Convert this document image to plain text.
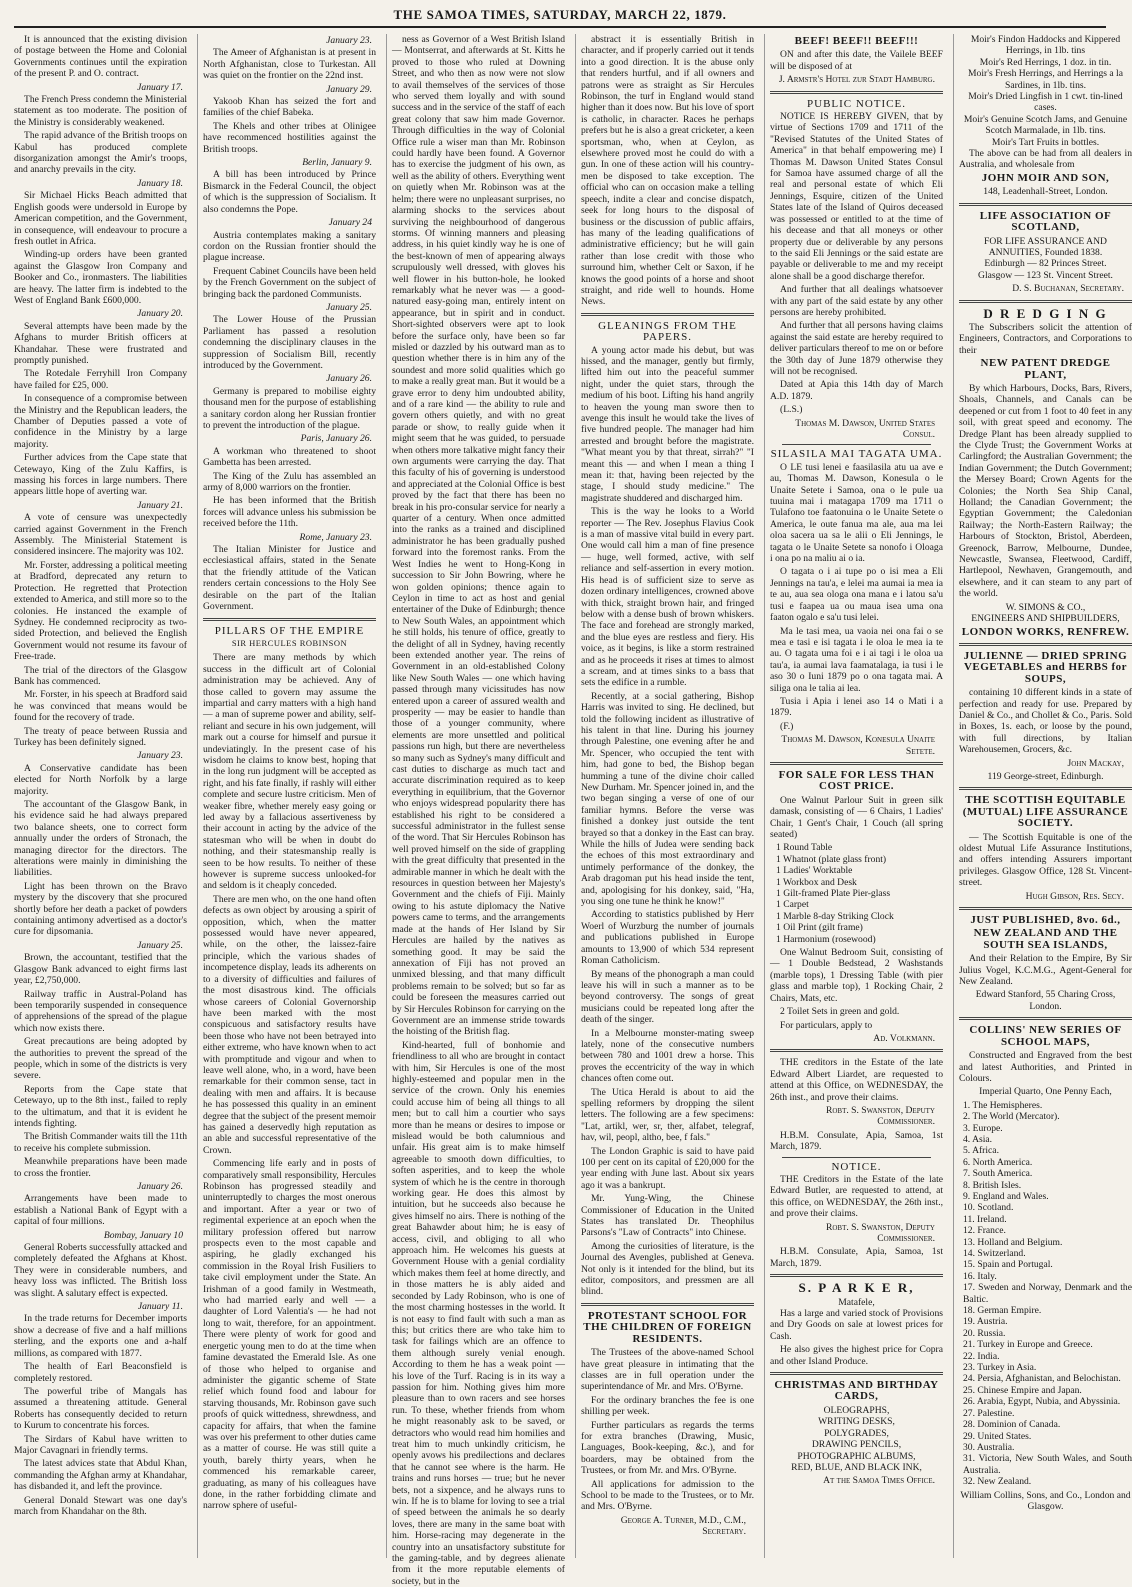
THE SAMOA TIMES, SATURDAY, MARCH 22, 1879.

It is announced that the existing division of postage between the Home and Colonial Governments continues until the expiration of the present P. and O. contract.

January 17.

The French Press condemn the Ministerial statement as too moderate. The position of the Ministry is considerably weakened.

The rapid advance of the British troops on Kabul has produced complete disorganization amongst the Amir's troops, and anarchy prevails in the city.

January 18.

Sir Michael Hicks Beach admitted that English goods were undersold in Europe by American competition, and the Government, in consequence, will endeavour to procure a fresh outlet in Africa.

Winding-up orders have been granted against the Glasgow Iron Company and Booker and Co., ironmasters. The liabilities are heavy. The latter firm is indebted to the West of England Bank £600,000.

January 20.

Several attempts have been made by the Afghans to murder British officers at Khandahar. These were frustrated and promptly punished.

The Rotedale Ferryhill Iron Company have failed for £25, 000.

In consequence of a compromise between the Ministry and the Republican leaders, the Chamber of Deputies passed a vote of confidence in the Ministry by a large majority.

Further advices from the Cape state that Cetewayo, King of the Zulu Kaffirs, is massing his forces in large numbers. There appears little hope of averting war.

January 21.

A vote of censure was unexpectedly carried against Government in the French Assembly. The Ministerial Statement is considered insincere. The majority was 102.

Mr. Forster, addressing a political meeting at Bradford, deprecated any return to Protection. He regretted that Protection extended to America, and still more so to the colonies. He instanced the example of Sydney. He condemned reciprocity as two-sided Protection, and believed the English Government would not resume its favour of Free-trade.

The trial of the directors of the Glasgow Bank has commenced.

Mr. Forster, in his speech at Bradford said he was convinced that means would be found for the recovery of trade.

The treaty of peace between Russia and Turkey has been definitely signed.

January 23.

A Conservative candidate has been elected for North Norfolk by a large majority.

The accountant of the Glasgow Bank, in his evidence said he had always prepared two balance sheets, one to correct form annually under the orders of Stronach, the managing director for the directors. The alterations were mainly in diminishing the liabilities.

Light has been thrown on the Bravo mystery by the discovery that she procured shortly before her death a packet of powders containing antimony advertised as a doctor's cure for dipsomania.

January 25.

Brown, the accountant, testified that the Glasgow Bank advanced to eight firms last year, £2,750,000.

Railway traffic in Austral-Poland has been temporarily suspended in consequence of apprehensions of the spread of the plague which now exists there.

Great precautions are being adopted by the authorities to prevent the spread of the people, which in some of the districts is very severe.

Reports from the Cape state that Cetewayo, up to the 8th inst., failed to reply to the ultimatum, and that it is evident he intends fighting.

The British Commander waits till the 11th to receive his complete submission.

Meanwhile preparations have been made to cross the frontier.

January 26.

Arrangements have been made to establish a National Bank of Egypt with a capital of four millions.

Bombay, January 10

General Roberts successfully attacked and completely defeated the Afghans at Khost. They were in considerable numbers, and heavy loss was inflicted. The British loss was slight. A salutary effect is expected.

January 11.

In the trade returns for December imports show a decrease of five and a half millions sterling, and the exports one and a-half millions, as compared with 1877.

The health of Earl Beaconsfield is completely restored.

The powerful tribe of Mangals has assumed a threatening attitude. General Roberts has consequently decided to return to Kurum to concentrate his forces.

The Sirdars of Kabul have written to Major Cavagnari in friendly terms.

The latest advices state that Abdul Khan, commanding the Afghan army at Khandahar, has disbanded it, and left the province.

General Donald Stewart was one day's march from Khandahar on the 8th.

January 23.

The Ameer of Afghanistan is at present in North Afghanistan, close to Turkestan. All was quiet on the frontier on the 22nd inst.

January 29.

Yakoob Khan has seized the fort and families of the chief Babeka.

The Khels and other tribes at Olinigee have recommenced hostilities against the British troops.

Berlin, January 9.

A bill has been introduced by Prince Bismarck in the Federal Council, the object of which is the suppression of Socialism. It also condemns the Pope.

January 24

Austria contemplates making a sanitary cordon on the Russian frontier should the plague increase.

Frequent Cabinet Councils have been held by the French Government on the subject of bringing back the pardoned Communists.

January 25.

The Lower House of the Prussian Parliament has passed a resolution condemning the disciplinary clauses in the suppression of Socialism Bill, recently introduced by the Government.

January 26.

Germany is prepared to mobilise eighty thousand men for the purpose of establishing a sanitary cordon along her Russian frontier to prevent the introduction of the plague.

Paris, January 26.

A workman who threatened to shoot Gambetta has been arrested.

The King of the Zulu has assembled an army of 8,000 warriors on the frontier.

He has been informed that the British forces will advance unless his submission be received before the 11th.

Rome, January 23.

The Italian Minister for Justice and ecclesiastical affairs, stated in the Senate that the friendly attitude of the Vatican renders certain concessions to the Holy See desirable on the part of the Italian Government.

PILLARS OF THE EMPIRE
SIR HERCULES ROBINSON

There are many methods by which success in the difficult art of Colonial administration may be achieved. Any of those called to govern may assume the impartial and carry matters with a high hand — a man of supreme power and ability, self-reliant and secure in his own judgement, will mark out a course for himself and pursue it undeviatingly. In the present case of his wisdom he claims to know best, hoping that in the long run judgment will be accepted as right, and his fate finally, if rashly will either complete and secure lustre criticism. Men of weaker fibre, whether merely easy going or led away by a fallacious assertiveness by their account in acting by the advice of the statesman who will be when in doubt do nothing, and their statesmanship really is seen to be how results. To neither of these however is supreme success unlooked-for and seldom is it cheaply conceded.

There are men who, on the one hand often defects as own object by arousing a spirit of opposition, which, when the matter possessed would have never appeared, while, on the other, the laissez-faire principle, which the various shades of incompetence display, leads its adherents on to a diversity of difficulties and failures of the most disastrous kind. The officials whose careers of Colonial Governorship have been marked with the most conspicuous and satisfactory results have been those who have not been betrayed into either extreme, who have known when to act with promptitude and vigour and when to leave well alone, who, in a word, have been remarkable for their common sense, tact in dealing with men and affairs. It is because he has possessed this quality in an eminent degree that the subject of the present memoir has gained a deservedly high reputation as an able and successful representative of the Crown.

Commencing life early and in posts of comparatively small responsibility, Hercules Robinson has progressed steadily and uninterruptedly to charges the most onerous and important. After a year or two of regimental experience at an epoch when the military profession offered but narrow prospects even to the most capable and aspiring, he gladly exchanged his commission in the Royal Irish Fusiliers to take civil employment under the State. An Irishman of a good family in Westmeath, who had married early and well — a daughter of Lord Valentia's — he had not long to wait, therefore, for an appointment. There were plenty of work for good and energetic young men to do at the time when famine devastated the Emerald Isle. As one of those who helped to organise and administer the gigantic scheme of State relief which found food and labour for starving thousands, Mr. Robinson gave such proofs of quick wittedness, shrewdness, and capacity for affairs, that when the famine was over his preferment to other duties came as a matter of course. He was still quite a youth, barely thirty years, when he commenced his remarkable career, graduating, as many of his colleagues have done, in the rather forbidding climate and narrow sphere of useful-

ness as Governor of a West British Island — Montserrat, and afterwards at St. Kitts he proved to those who ruled at Downing Street, and who then as now were not slow to avail themselves of the services of those who served them loyally and with sound success and in the service of the staff of each great colony that saw him made Governor. Through difficulties in the way of Colonial Office rule a wiser man than Mr. Robinson could hardly have been found. A Governor has to exercise the judgment of his own, as well as the ability of others. Everything went on quietly when Mr. Robinson was at the helm; there were no unpleasant surprises, no alarming shocks to the services about surviving the neighbourhood of dangerous storms. Of winning manners and pleasing address, in his quiet kindly way he is one of the best-known of men of appearing always scrupulously well dressed, with gloves his well flower in his button-hole, he looked remarkably what he never was — a good-natured easy-going man, entirely intent on appearance, but in spirit and in conduct. Short-sighted observers were apt to look before the surface only, have been so far misled or dazzled by his outward man as to question whether there is in him any of the soundest and more solid qualities which go to make a really great man. But it would be a grave error to deny him undoubted ability, and of a rare kind — the ability to rule and govern others quietly, and with no great parade or show, to really guide when it might seem that he was guided, to persuade when others more talkative might fancy their own arguments were carrying the day. That this faculty of his of governing is understood and appreciated at the Colonial Office is best proved by the fact that there has been no break in his pro-consular service for nearly a quarter of a century. When once admitted into the ranks as a trained and disciplined administrator he has been gradually pushed forward into the foremost ranks. From the West Indies he went to Hong-Kong in succession to Sir John Bowring, where he won golden opinions; thence again to Ceylon in time to act as host and genial entertainer of the Duke of Edinburgh; thence to New South Wales, an appointment which he still holds, his tenure of office, greatly to the delight of all in Sydney, having recently been extended another year. The reins of Government in an old-established Colony like New South Wales — one which having passed through many vicissitudes has now entered upon a career of assured wealth and prosperity — may be easier to handle than those of a younger community, where elements are more unsettled and political passions run high, but there are nevertheless so many such as Sydney's many difficult and cast duties to discharge as much tact and accurate discrimination required as to keep everything in equilibrium, that the Governor who enjoys widespread popularity there has established his right to be considered a successful administrator in the fullest sense of the word. That Sir Hercules Robinson has well proved himself on the side of grappling with the great difficulty that presented in the admirable manner in which he dealt with the resources in question between her Majesty's Government and the chiefs of Fiji. Mainly owing to his astute diplomacy the Native powers came to terms, and the arrangements made at the hands of Her Island by Sir Hercules are hailed by the natives as something good. It may be said the annexation of Fiji has not proved an unmixed blessing, and that many difficult problems remain to be solved; but so far as could be foreseen the measures carried out by Sir Hercules Robinson for carrying on the Government are an immense stride towards the hoisting of the British flag.

Kind-hearted, full of bonhomie and friendliness to all who are brought in contact with him, Sir Hercules is one of the most highly-esteemed and popular men in the service of the crown. Only his enemies could accuse him of being all things to all men; but to call him a courtier who says more than he means or desires to impose or mislead would be both calumnious and unfair. His great aim is to make himself agreeable to smooth down difficulties, to soften asperities, and to keep the whole system of which he is the centre in thorough working gear. He does this almost by intuition, but he succeeds also because he gives himself no airs. There is nothing of the great Bahawder about him; he is easy of access, civil, and obliging to all who approach him. He welcomes his guests at Government House with a genial cordiality which makes them feel at home directly, and in those matters he is ably aided and seconded by Lady Robinson, who is one of the most charming hostesses in the world. It is not easy to find fault with such a man as this; but critics there are who take him to task for failings which are an offence to them although surely venial enough. According to them he has a weak point — his love of the Turf. Racing is in its way a passion for him. Nothing gives him more pleasure than to own racers and see horses run. To these, whether friends from whom he might reasonably ask to be saved, or detractors who would read him homilies and treat him to much unkindly criticism, he openly avows his predilections and declares that he cannot see where is the harm. He trains and runs horses — true; but he never bets, not a sixpence, and he always runs to win. If he is to blame for loving to see a trial of speed between the animals he so dearly loves, there are many in the same boat with him. Horse-racing may degenerate in the country into an unsatisfactory substitute for the gaming-table, and by degrees alienate from it the more reputable elements of society, but in the

abstract it is essentially British in character, and if properly carried out it tends into a good direction. It is the abuse only that renders hurtful, and if all owners and patrons were as straight as Sir Hercules Robinson, the turf in England would stand higher than it does now. But his love of sport is catholic, in character. Races he perhaps prefers but he is also a great cricketer, a keen sportsman, who, when at Ceylon, as elsewhere proved most he could do with a gun. In one of these action will his country-men be disposed to take exception. The official who can on occasion make a telling speech, indite a clear and concise dispatch, seek for long hours to the disposal of business or the discussion of public affairs, has many of the leading qualifications of administrative efficiency; but he will gain rather than lose credit with those who surround him, whether Celt or Saxon, if he knows the good points of a horse and shoot straight, and ride well to hounds. Home News.

GLEANINGS FROM THE PAPERS.

A young actor made his debut, but was hissed, and the manager, gently but firmly, lifted him out into the peaceful summer night, under the quiet stars, through the medium of his boot. Lifting his hand angrily to heaven the young man swore then to avenge this insult he would take the lives of five hundred people. The manager had him arrested and brought before the magistrate. "What meant you by that threat, sirrah?" "I meant this — and when I mean a thing I mean it: that, having been rejected by the stage, I should study medicine." The magistrate shuddered and discharged him.

This is the way he looks to a World reporter — The Rev. Josephus Flavius Cook is a man of massive vital build in every part. One would call him a man of fine presence — huge, well formed, active, with self reliance and self-assertion in every motion. His head is of sufficient size to serve as dozen ordinary intelligences, crowned above with thick, straight brown hair, and fringed below with a dense bush of brown whiskers. The face and forehead are strongly marked, and the blue eyes are restless and fiery. His voice, as it begins, is like a storm restrained and as he proceeds it rises at times to almost a scream, and at times sinks to a bass that sets the edifice in a rumble.

Recently, at a social gathering, Bishop Harris was invited to sing. He declined, but told the following incident as illustrative of his talent in that line. During his journey through Palestine, one evening after he and Mr. Spencer, who occupied the tent with him, had gone to bed, the Bishop began humming a tune of the divine choir called New Durham. Mr. Spencer joined in, and the two began singing a verse of one of our familiar hymns. Before the verse was finished a donkey just outside the tent brayed so that a donkey in the East can bray. While the hills of Judea were sending back the echoes of this most extraordinary and untimely performance of the donkey, the Arab dragoman put his head inside the tent, and, apologising for his donkey, said, "Ha, you sing one tune he think he know!"

According to statistics published by Herr Woerl of Wurzburg the number of journals and publications published in Europe amounts to 13,900 of which 534 represent Roman Catholicism.

By means of the phonograph a man could leave his will in such a manner as to be beyond controversy. The songs of great musicians could be repeated long after the death of the singer.

In a Melbourne monster-mating sweep lately, none of the consecutive numbers between 780 and 1001 drew a horse. This proves the eccentricity of the way in which chances often come out.

The Utica Herald is about to aid the spelling reformers by dropping the silent letters. The following are a few specimens: "Lat, artikl, wer, sr, ther, alfabet, telegraf, hav, wil, peopl, altho, bee, f fals."

The London Graphic is said to have paid 100 per cent on its capital of £20,000 for the year ending with June last. About six years ago it was a bankrupt.

Mr. Yung-Wing, the Chinese Commissioner of Education in the United States has translated Dr. Theophilus Parsons's "Law of Contracts" into Chinese.

Among the curiosities of literature, is the Journal des Avengles, published at Geneva. Not only is it intended for the blind, but its editor, compositors, and pressmen are all blind.

PROTESTANT SCHOOL FOR THE CHILDREN OF FOREIGN RESIDENTS.

The Trustees of the above-named School have great pleasure in intimating that the classes are in full operation under the superintendance of Mr. and Mrs. O'Byrne.

For the ordinary branches the fee is one shilling per week.

Further particulars as regards the terms for extra branches (Drawing, Music, Languages, Book-keeping, &c.), and for boarders, may be obtained from the Trustees, or from Mr. and Mrs. O'Byrne.

All applications for admission to the School to be made to the Trustees, or to Mr. and Mrs. O'Byrne.

George A. Turner, M.D., C.M., Secretary.
BEEF! BEEF!! BEEF!!!

ON and after this date, the Vailele BEEF will be disposed of at

J. Armstr's Hotel zur Stadt Hamburg.
PUBLIC NOTICE.

NOTICE IS HEREBY GIVEN, that by virtue of Sections 1709 and 1711 of the "Revised Statutes of the United States of America" in that behalf empowering me) I Thomas M. Dawson United States Consul for Samoa have assumed charge of all the real and personal estate of which Eli Jennings, Esquire, citizen of the United States late of the Island of Quiros deceased was possessed or entitled to at the time of his decease and that all moneys or other property due or deliverable by any persons to the said Eli Jennings or the said estate are payable or deliverable to me and my receipt alone shall be a good discharge therefor.

And further that all dealings whatsoever with any part of the said estate by any other persons are hereby prohibited.

And further that all persons having claims against the said estate are hereby required to deliver particulars thereof to me on or before the 30th day of June 1879 otherwise they will not be recognised.

Dated at Apia this 14th day of March A.D. 1879.

(L.S.)

Thomas M. Dawson, United States Consul.
SILASILA MAI TAGATA UMA.

O LE tusi lenei e faasilasila atu ua ave e au, Thomas M. Dawson, Konesula o le Unaite Setete i Samoa, ona o le pule ua tuuina mai i matagapa 1709 ma 1711 o Tulafono toe faatonuina o le Unaite Setete o America, le oute fanua ma ale, aua ma lei oloa sacera ua sa le alii o Eli Jennings, le tagata o le Unaite Setete sa nonofo i Oloaga i ona po na maliu ai o ia.

O tagata o i ai tupe po o isi mea a Eli Jennings na tau'a, e lelei ma aumai ia mea ia te au, aua sea ologa ona mana e i latou sa'u tusi e faapea ua ou maua isea uma ona faaton ogalo e sa'u tusi lelei.

Ma le tasi mea, ua vaoia nei ona fai o se mea e tasi e isi tagata i le oloa le mea ia te au. O tagata uma foi e i ai tagi i le oloa ua tau'a, ia aumai lava faamatalaga, ia tusi i le aso 30 o Iuni 1879 po o ona tagata mai. A siliga ona le talia ai lea.

Tusia i Apia i lenei aso 14 o Mati i a 1879.

(F.)

Thomas M. Dawson, Konesula Unaite Setete.
FOR SALE FOR LESS THAN COST PRICE.

One Walnut Parlour Suit in green silk damask, consisting of — 6 Chairs, 1 Ladies' Chair, 1 Gent's Chair, 1 Couch (all spring seated)

1 Round Table
1 Whatnot (plate glass front)
1 Ladies' Worktable
1 Workbox and Desk
1 Gilt-framed Plate Pier-glass
1 Carpet
1 Marble 8-day Striking Clock
1 Oil Print (gilt frame)
1 Harmonium (rosewood)

One Walnut Bedroom Suit, consisting of — 1 Double Bedstead, 2 Washstands (marble tops), 1 Dressing Table (with pier glass and marble top), 1 Rocking Chair, 2 Chairs, Mats, etc.

2 Toilet Sets in green and gold.

For particulars, apply to

Ad. Volkmann.

THE creditors in the Estate of the late Edward Albert Liardet, are requested to attend at this Office, on WEDNESDAY, the 26th inst., and prove their claims.

Robt. S. Swanston, Deputy Commissioner.

H.B.M. Consulate, Apia, Samoa, 1st March, 1879.

NOTICE.

THE Creditors in the Estate of the late Edward Butler, are requested to attend, at this office, on WEDNESDAY, the 26th inst., and prove their claims.

Robt. S. Swanston, Deputy Commissioner.

H.B.M. Consulate, Apia, Samoa, 1st March, 1879.

S. P A R K E R,
Matafele,

Has a large and varied stock of Provisions and Dry Goods on sale at lowest prices for Cash.

He also gives the highest price for Copra and other Island Produce.

CHRISTMAS AND BIRTHDAY CARDS,
OLEOGRAPHS,
WRITING DESKS,
POLYGRADES,
DRAWING PENCILS,
PHOTOGRAPHIC ALBUMS,
RED, BLUE, AND BLACK INK,
At the Samoa Times Office.
Moir's Findon Haddocks and Kippered Herrings, in 1lb. tins
Moir's Red Herrings, 1 doz. in tin.
Moir's Fresh Herrings, and Herrings a la Sardines, in 1lb. tins.
Moir's Dried Lingfish in 1 cwt. tin-lined cases.
Moir's Genuine Scotch Jams, and Genuine Scotch Marmalade, in 1lb. tins.
Moir's Tart Fruits in bottles.

The above can be had from all dealers in Australia, and wholesale from

JOHN MOIR AND SON,
148, Leadenhall-Street, London.
LIFE ASSOCIATION OF SCOTLAND,
FOR LIFE ASSURANCE AND ANNUITIES, Founded 1838.
Edinburgh — 82 Princes Street.
Glasgow — 123 St. Vincent Street.
D. S. Buchanan, Secretary.
D R E D G I N G

The Subscribers solicit the attention of Engineers, Contractors, and Corporations to their

NEW PATENT DREDGE PLANT,

By which Harbours, Docks, Bars, Rivers, Shoals, Channels, and Canals can be deepened or cut from 1 foot to 40 feet in any soil, with great speed and economy. The Dredge Plant has been already supplied to the Clyde Trust; the Government Works at Carlingford; the Australian Government; the Indian Government; the Dutch Government; the Mersey Board; Crown Agents for the Colonies; the North Sea Ship Canal, Holland; the Canadian Government; the Egyptian Government; the Caledonian Railway; the North-Eastern Railway; the Harbours of Stockton, Bristol, Aberdeen, Greenock, Barrow, Melbourne, Dundee, Newcastle, Swansea, Fleetwood, Cardiff, Hartlepool, Newhaven, Grangemouth, and elsewhere, and it can steam to any part of the world.

W. SIMONS & CO.,
ENGINEERS AND SHIPBUILDERS,
LONDON WORKS, RENFREW.
JULIENNE — DRIED SPRING VEGETABLES and HERBS for SOUPS,

containing 10 different kinds in a state of perfection and ready for use. Prepared by Daniel & Co., and Chollet & Co., Paris. Sold in Boxes, 1s. each, or loose by the pound, with full directions, by Italian Warehousemen, Grocers, &c.

John Mackay,
119 George-street, Edinburgh.
THE SCOTTISH EQUITABLE (MUTUAL) LIFE ASSURANCE SOCIETY.

— The Scottish Equitable is one of the oldest Mutual Life Assurance Institutions, and offers intending Assurers important privileges. Glasgow Office, 128 St. Vincent-street.

Hugh Gibson, Res. Secy.
JUST PUBLISHED, 8vo. 6d.,
NEW ZEALAND AND THE SOUTH SEA ISLANDS,

And their Relation to the Empire, By Sir Julius Vogel, K.C.M.G., Agent-General for New Zealand.

Edward Stanford, 55 Charing Cross, London.
COLLINS' NEW SERIES OF SCHOOL MAPS,

Constructed and Engraved from the best and latest Authorities, and Printed in Colours.

Imperial Quarto, One Penny Each,
1. The Hemispheres.
2. The World (Mercator).
3. Europe.
4. Asia.
5. Africa.
6. North America.
7. South America.
8. British Isles.
9. England and Wales.
10. Scotland.
11. Ireland.
12. France.
13. Holland and Belgium.
14. Switzerland.
15. Spain and Portugal.
16. Italy.
17. Sweden and Norway, Denmark and the Baltic.
18. German Empire.
19. Austria.
20. Russia.
21. Turkey in Europe and Greece.
22. India.
23. Turkey in Asia.
24. Persia, Afghanistan, and Belochistan.
25. Chinese Empire and Japan.
26. Arabia, Egypt, Nubia, and Abyssinia.
27. Palestine.
28. Dominion of Canada.
29. United States.
30. Australia.
31. Victoria, New South Wales, and South Australia.
32. New Zealand.
William Collins, Sons, and Co., London and Glasgow.
